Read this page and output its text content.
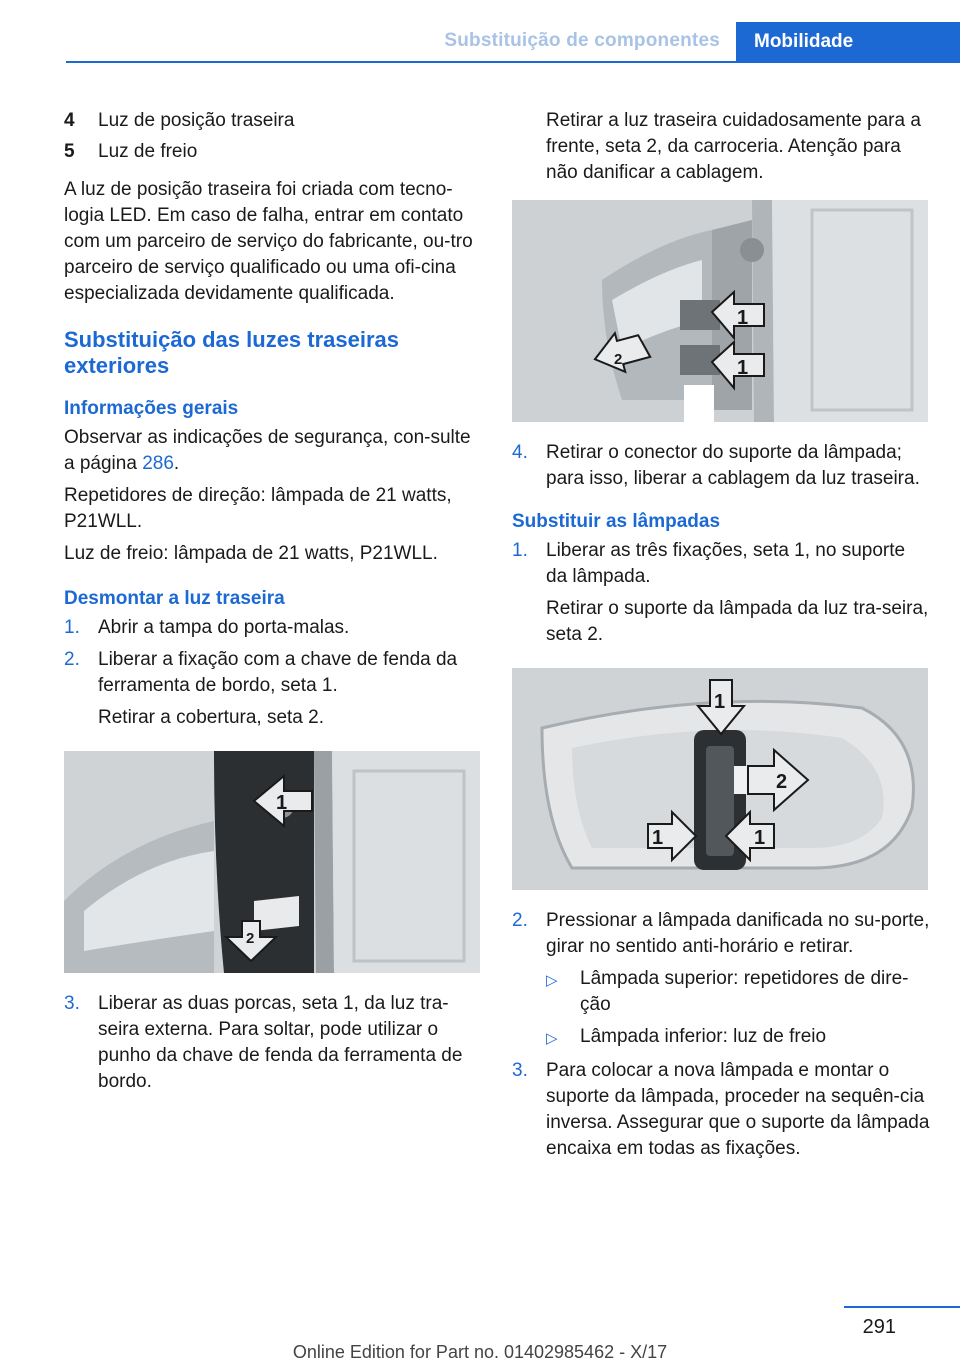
Substituição de componentes	Mobilidade
4	Luz de posição traseira
5	Luz de freio

A luz de posição traseira foi criada com tecno-logia LED. Em caso de falha, entrar em contato com um parceiro de serviço do fabricante, ou-tro parceiro de serviço qualificado ou uma ofi-cina especializada devidamente qualificada.

Substituição das luzes traseiras exteriores
Informações gerais

Observar as indicações de segurança, con-sulte a página 286.

Repetidores de direção: lâmpada de 21 watts, P21WLL.

Luz de freio: lâmpada de 21 watts, P21WLL.

Desmontar a luz traseira
1. Abrir a tampa do porta-malas.
2. Liberar a fixação com a chave de fenda da ferramenta de bordo, seta 1.
Retirar a cobertura, seta 2.
1
2
3. Liberar as duas porcas, seta 1, da luz tra-seira externa. Para soltar, pode utilizar o punho da chave de fenda da ferramenta de bordo.
Retirar a luz traseira cuidadosamente para a frente, seta 2, da carroceria. Atenção para não danificar a cablagem.
1
1
2
4. Retirar o conector do suporte da lâmpada; para isso, liberar a cablagem da luz traseira.
Substituir as lâmpadas
1. Liberar as três fixações, seta 1, no suporte da lâmpada.
Retirar o suporte da lâmpada da luz tra-seira, seta 2.
1
2
1	1
2. Pressionar a lâmpada danificada no su-porte, girar no sentido anti-horário e retirar.
▷	Lâmpada superior: repetidores de dire-ção
▷	Lâmpada inferior: luz de freio
3. Para colocar a nova lâmpada e montar o suporte da lâmpada, proceder na sequên-cia inversa. Assegurar que o suporte da lâmpada encaixa em todas as fixações.
291
Online Edition for Part no. 01402985462 - X/17
